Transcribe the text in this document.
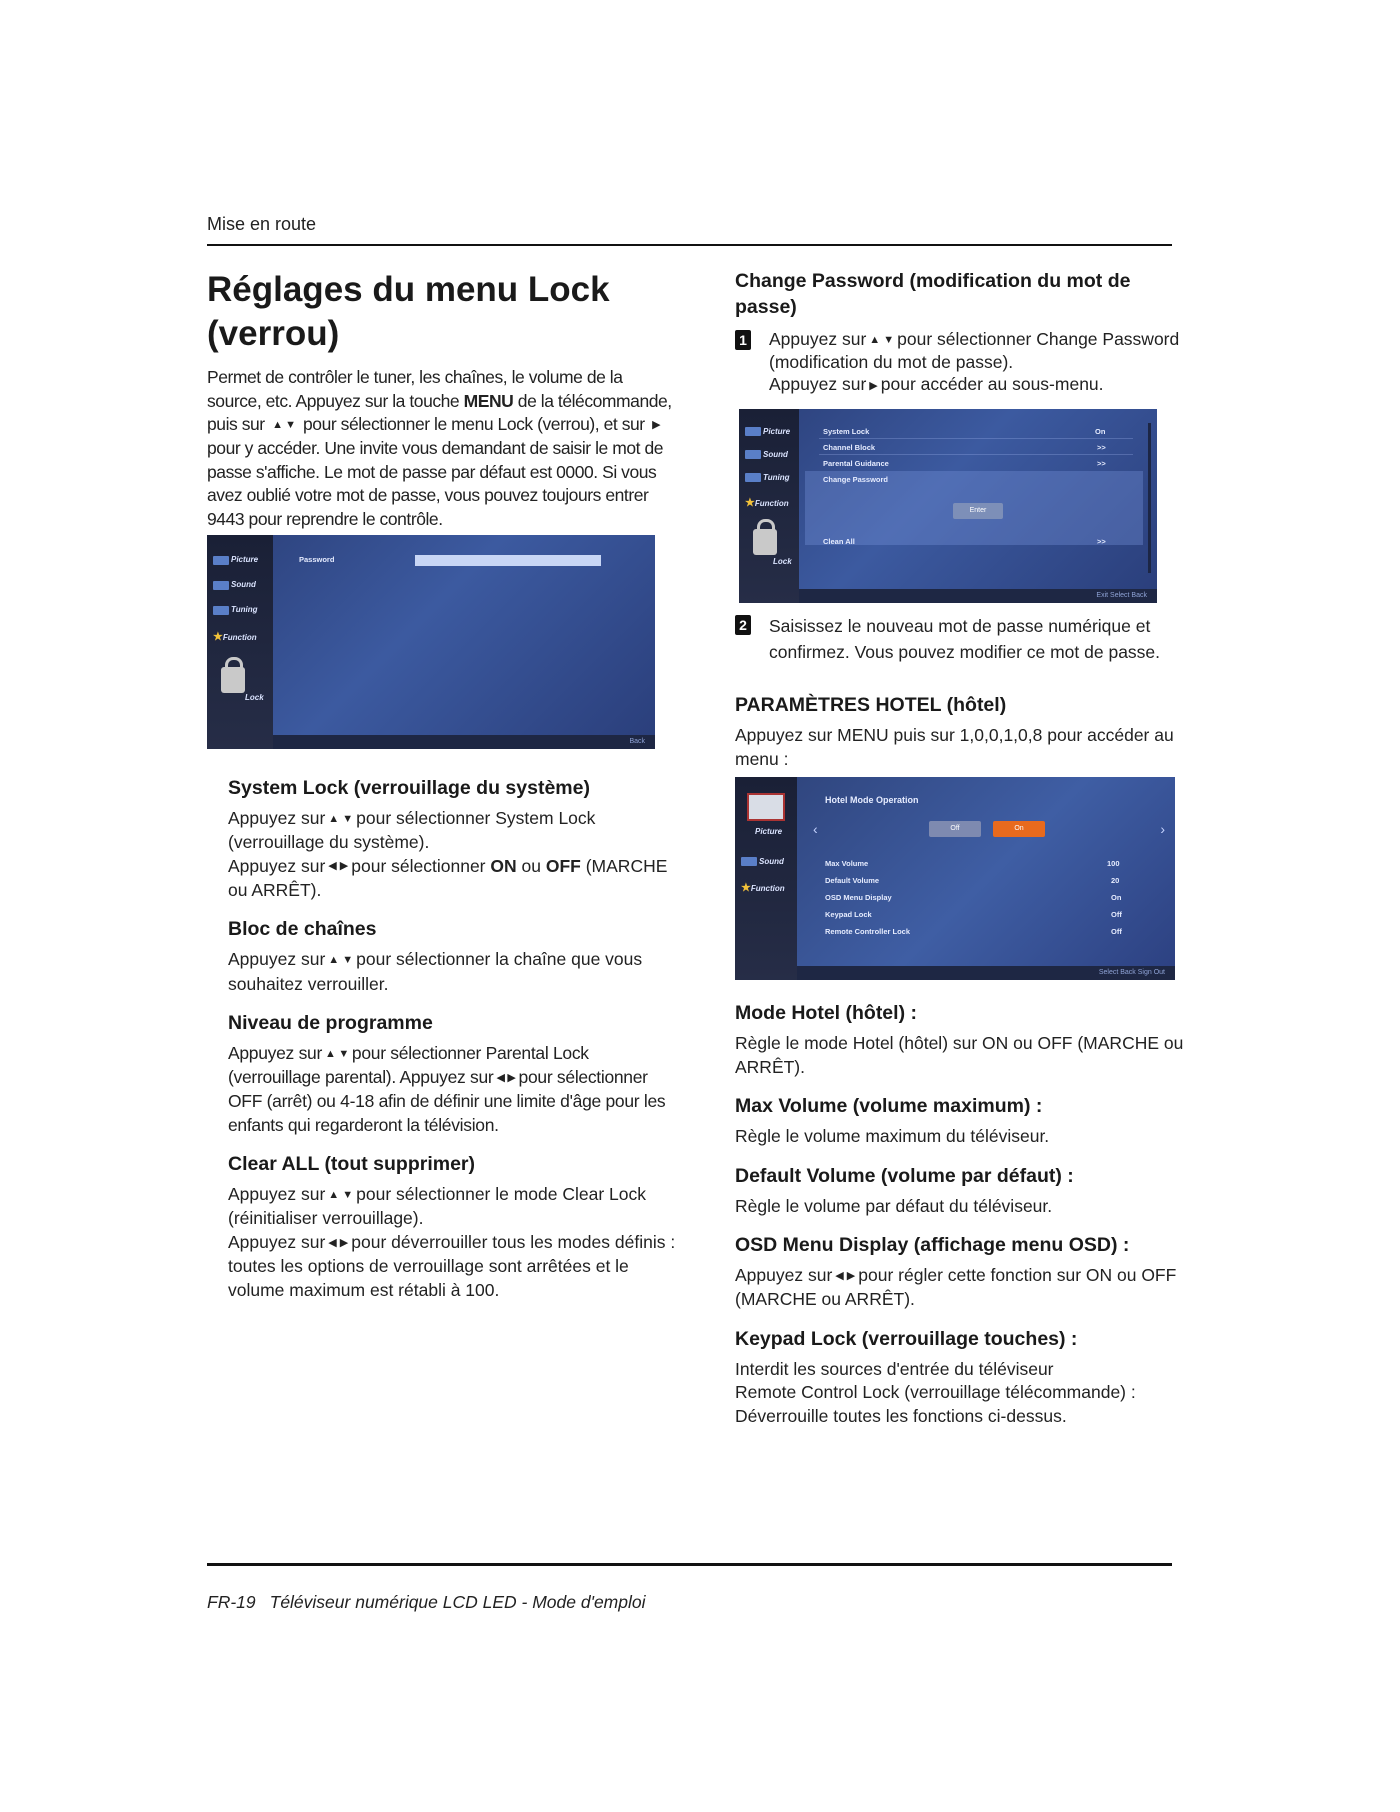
Mise en route
Réglages du menu Lock (verrou)

Permet de contrôler le tuner, les chaînes, le volume de la source, etc. Appuyez sur la touche MENU de la télécommande, puis sur ▲ ▼ pour sélectionner le menu Lock (verrou), et sur ▶ pour y accéder. Une invite vous demandant de saisir le mot de passe s'affiche. Le mot de passe par défaut est 0000. Si vous avez oublié votre mot de passe, vous pouvez toujours entrer 9443 pour reprendre le contrôle.

Picture
Sound
Tuning
★Function
Lock
Password
Back
System Lock (verrouillage du système)

Appuyez sur ▲ ▼ pour sélectionner System Lock (verrouillage du système).
Appuyez sur ◀ ▶ pour sélectionner ON ou OFF (MARCHE ou ARRÊT).

Bloc de chaînes

Appuyez sur ▲ ▼ pour sélectionner la chaîne que vous souhaitez verrouiller.

Niveau de programme

Appuyez sur ▲ ▼ pour sélectionner Parental Lock (verrouillage parental). Appuyez sur ◀ ▶ pour sélectionner OFF (arrêt) ou 4-18 afin de définir une limite d'âge pour les enfants qui regarderont la télévision.

Clear ALL (tout supprimer)

Appuyez sur ▲ ▼ pour sélectionner le mode Clear Lock (réinitialiser verrouillage).
Appuyez sur ◀ ▶ pour déverrouiller tous les modes définis : toutes les options de verrouillage sont arrêtées et le volume maximum est rétabli à 100.

Change Password (modification du mot de passe)
1 Appuyez sur ▲ ▼ pour sélectionner Change Password (modification du mot de passe).
Appuyez sur ▶ pour accéder au sous-menu.

Picture
Sound
Tuning
★Function
Lock
System Lock	On
Channel Block	>>
Parental Guidance	>>
Change Password
Enter
Clean All	>>
Exit Select Back
2 Saisissez le nouveau mot de passe numérique et confirmez. Vous pouvez modifier ce mot de passe.

PARAMÈTRES HOTEL (hôtel)

Appuyez sur MENU puis sur 1,0,0,1,0,8 pour accéder au menu :

Picture
Sound
★Function
Hotel Mode Operation
‹	›
Off	On
Max Volume	100
Default Volume	20
OSD Menu Display	On
Keypad Lock	Off
Remote Controller Lock	Off
Select Back Sign Out
Mode Hotel (hôtel) :

Règle le mode Hotel (hôtel) sur ON ou OFF (MARCHE ou ARRÊT).

Max Volume (volume maximum) :

Règle le volume maximum du téléviseur.

Default Volume (volume par défaut) :

Règle le volume par défaut du téléviseur.

OSD Menu Display (affichage menu OSD) :

Appuyez sur ◀ ▶ pour régler cette fonction sur ON ou OFF (MARCHE ou ARRÊT).

Keypad Lock (verrouillage touches) :

Interdit les sources d'entrée du téléviseur
Remote Control Lock (verrouillage télécommande) :
Déverrouille toutes les fonctions ci-dessus.

FR-19 Téléviseur numérique LCD LED - Mode d'emploi
